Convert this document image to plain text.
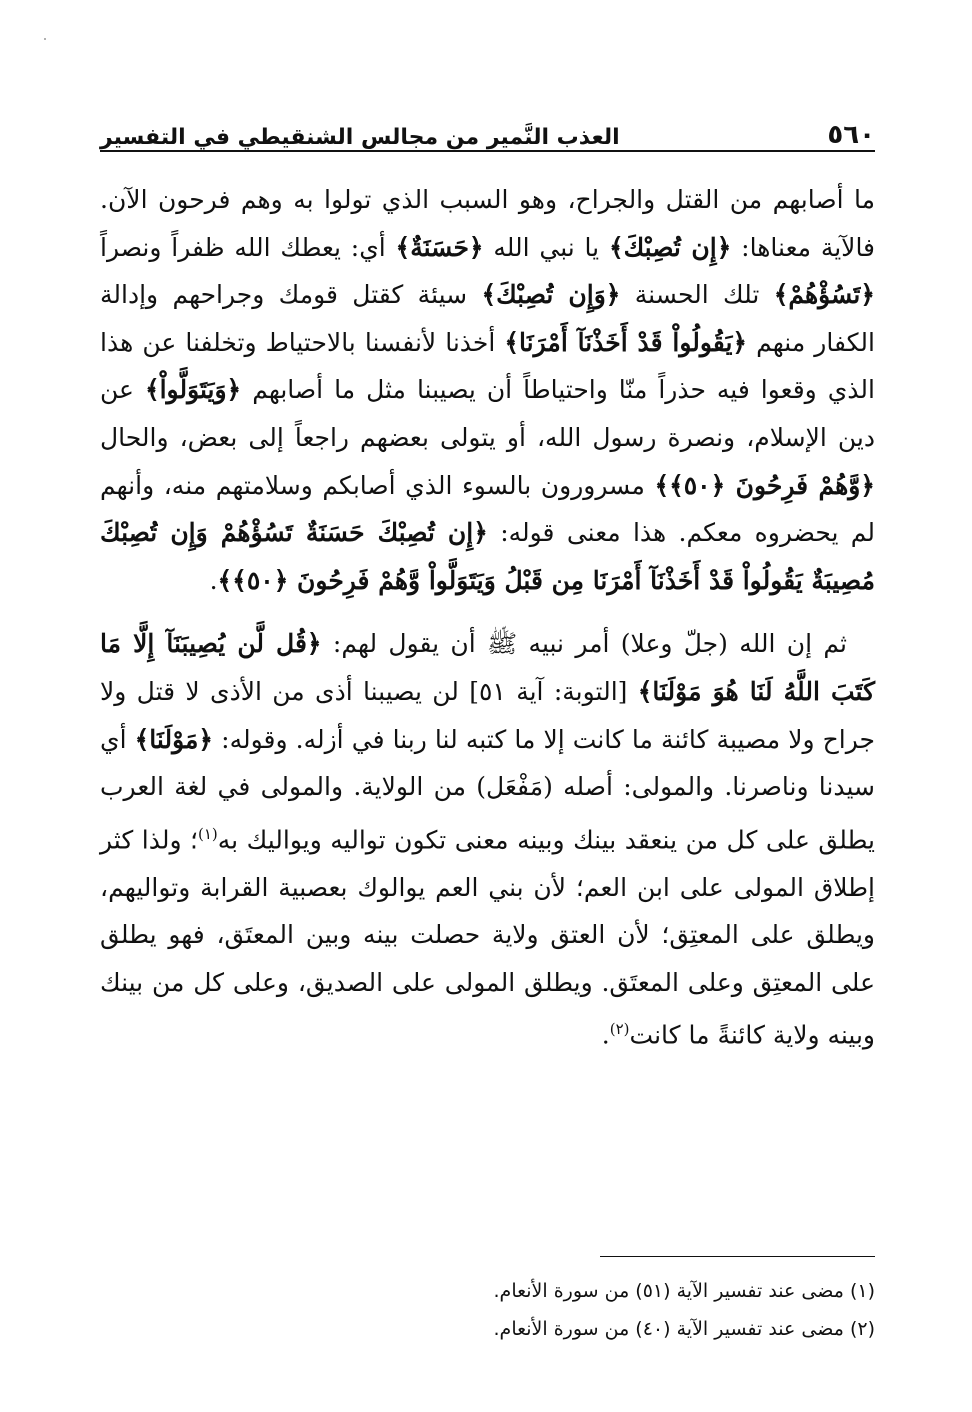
٥٦٠
العذب النَّمير من مجالس الشنقيطي في التفسير

ما أصابهم من القتل والجراح، وهو السبب الذي تولوا به وهم فرحون الآن. فالآية معناها: ﴿إِن تُصِبْكَ﴾ يا نبي الله ﴿حَسَنَةٌ﴾ أي: يعطك الله ظفراً ونصراً ﴿تَسُؤْهُمْ﴾ تلك الحسنة ﴿وَإِن تُصِبْكَ﴾ سيئة كقتل قومك وجراحهم وإدالة الكفار منهم ﴿يَقُولُواْ قَدْ أَخَذْنَآ أَمْرَنَا﴾ أخذنا لأنفسنا بالاحتياط وتخلفنا عن هذا الذي وقعوا فيه حذراً منّا واحتياطاً أن يصيبنا مثل ما أصابهم ﴿وَيَتَوَلَّواْ﴾ عن دين الإسلام، ونصرة رسول الله، أو يتولى بعضهم راجعاً إلى بعض، والحال ﴿وَّهُمْ فَرِحُونَ ﴿٥٠﴾﴾ مسرورون بالسوء الذي أصابكم وسلامتهم منه، وأنهم لم يحضروه معكم. هذا معنى قوله: ﴿إِن تُصِبْكَ حَسَنَةٌ تَسُؤْهُمْ وَإِن تُصِبْكَ مُصِيبَةٌ يَقُولُواْ قَدْ أَخَذْنَآ أَمْرَنَا مِن قَبْلُ وَيَتَوَلَّواْ وَّهُمْ فَرِحُونَ ﴿٥٠﴾﴾.

ثم إن الله (جلّ وعلا) أمر نبيه ﷺ أن يقول لهم: ﴿قُل لَّن يُصِيبَنَآ إِلَّا مَا كَتَبَ اللَّهُ لَنَا هُوَ مَوْلَنَا﴾ [التوبة: آية ٥١] لن يصيبنا أذى من الأذى لا قتل ولا جراح ولا مصيبة كائنة ما كانت إلا ما كتبه لنا ربنا في أزله. وقوله: ﴿مَوْلَنَا﴾ أي سيدنا وناصرنا. والمولى: أصله (مَفْعَل) من الولاية. والمولى في لغة العرب يطلق على كل من ينعقد بينك وبينه معنى تكون تواليه ويواليك به$^{(١)}$؛ ولذا كثر إطلاق المولى على ابن العم؛ لأن بني العم يوالوك بعصبية القرابة وتواليهم، ويطلق على المعتِق؛ لأن العتق ولاية حصلت بينه وبين المعتَق، فهو يطلق على المعتِق وعلى المعتَق. ويطلق المولى على الصديق، وعلى كل من بينك وبينه ولاية كائنةً ما كانت$^{(٢)}$.

(١) مضى عند تفسير الآية (٥١) من سورة الأنعام.
(٢) مضى عند تفسير الآية (٤٠) من سورة الأنعام.
